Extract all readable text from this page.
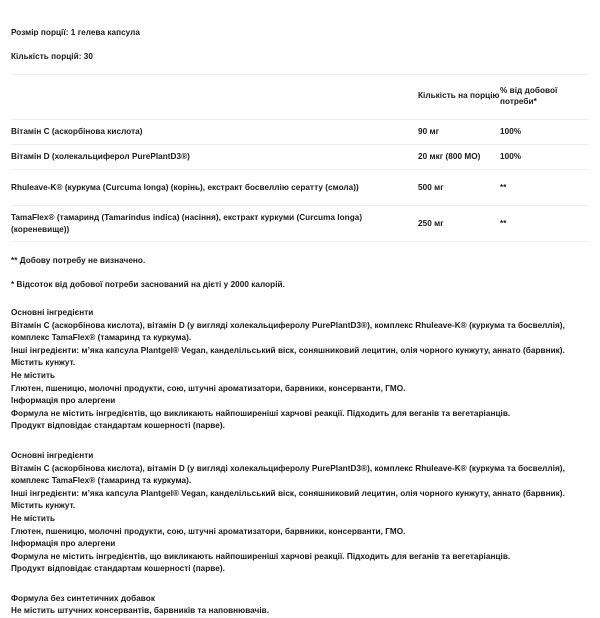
Розмір порції: 1 гелева капсула
Кількість порцій: 30
	Кількість на порцію	% від добової потреби*
Вітамін C (аскорбінова кислота)	90 мг	100%
Вітамін D (холекальциферол PurePlantD3®)	20 мкг (800 МО)	100%
Rhuleave-K® (куркума (Curcuma longa) (корінь), екстракт босвеллію сератту (смола))	500 мг	**
TamaFlex® (тамаринд (Tamarindus indica) (насіння), екстракт куркуми (Curcuma longa) (кореневище))	250 мг	**
** Добову потребу не визначено.
* Відсоток від добової потреби заснований на дієті у 2000 калорій.

Основні інгредієнти

Вітамін C (аскорбінова кислота), вітамін D (у вигляді холекальциферолу PurePlantD3®), комплекс Rhuleave-K® (куркума та босвеллія), комплекс TamaFlex® (тамаринд та куркума).

Інші інгредієнти: м’яка капсула Plantgel® Vegan, канделільський віск, соняшниковий лецитин, олія чорного кунжуту, аннато (барвник).

Містить кунжут.

Не містить

Глютен, пшеницю, молочні продукти, сою, штучні ароматизатори, барвники, консерванти, ГМО.

Інформація про алергени

Формула не містить інгредієнтів, що викликають найпоширеніші харчові реакції. Підходить для веганів та вегетаріанців.

Продукт відповідає стандартам кошерності (парве).

Основні інгредієнти

Вітамін C (аскорбінова кислота), вітамін D (у вигляді холекальциферолу PurePlantD3®), комплекс Rhuleave-K® (куркума та босвеллія), комплекс TamaFlex® (тамаринд та куркума).

Інші інгредієнти: м’яка капсула Plantgel® Vegan, канделільський віск, соняшниковий лецитин, олія чорного кунжуту, аннато (барвник).

Містить кунжут.

Не містить

Глютен, пшеницю, молочні продукти, сою, штучні ароматизатори, барвники, консерванти, ГМО.

Інформація про алергени

Формула не містить інгредієнтів, що викликають найпоширеніші харчові реакції. Підходить для веганів та вегетаріанців.

Продукт відповідає стандартам кошерності (парве).

Формула без синтетичних добавок

Не містить штучних консервантів, барвників та наповнювачів.
